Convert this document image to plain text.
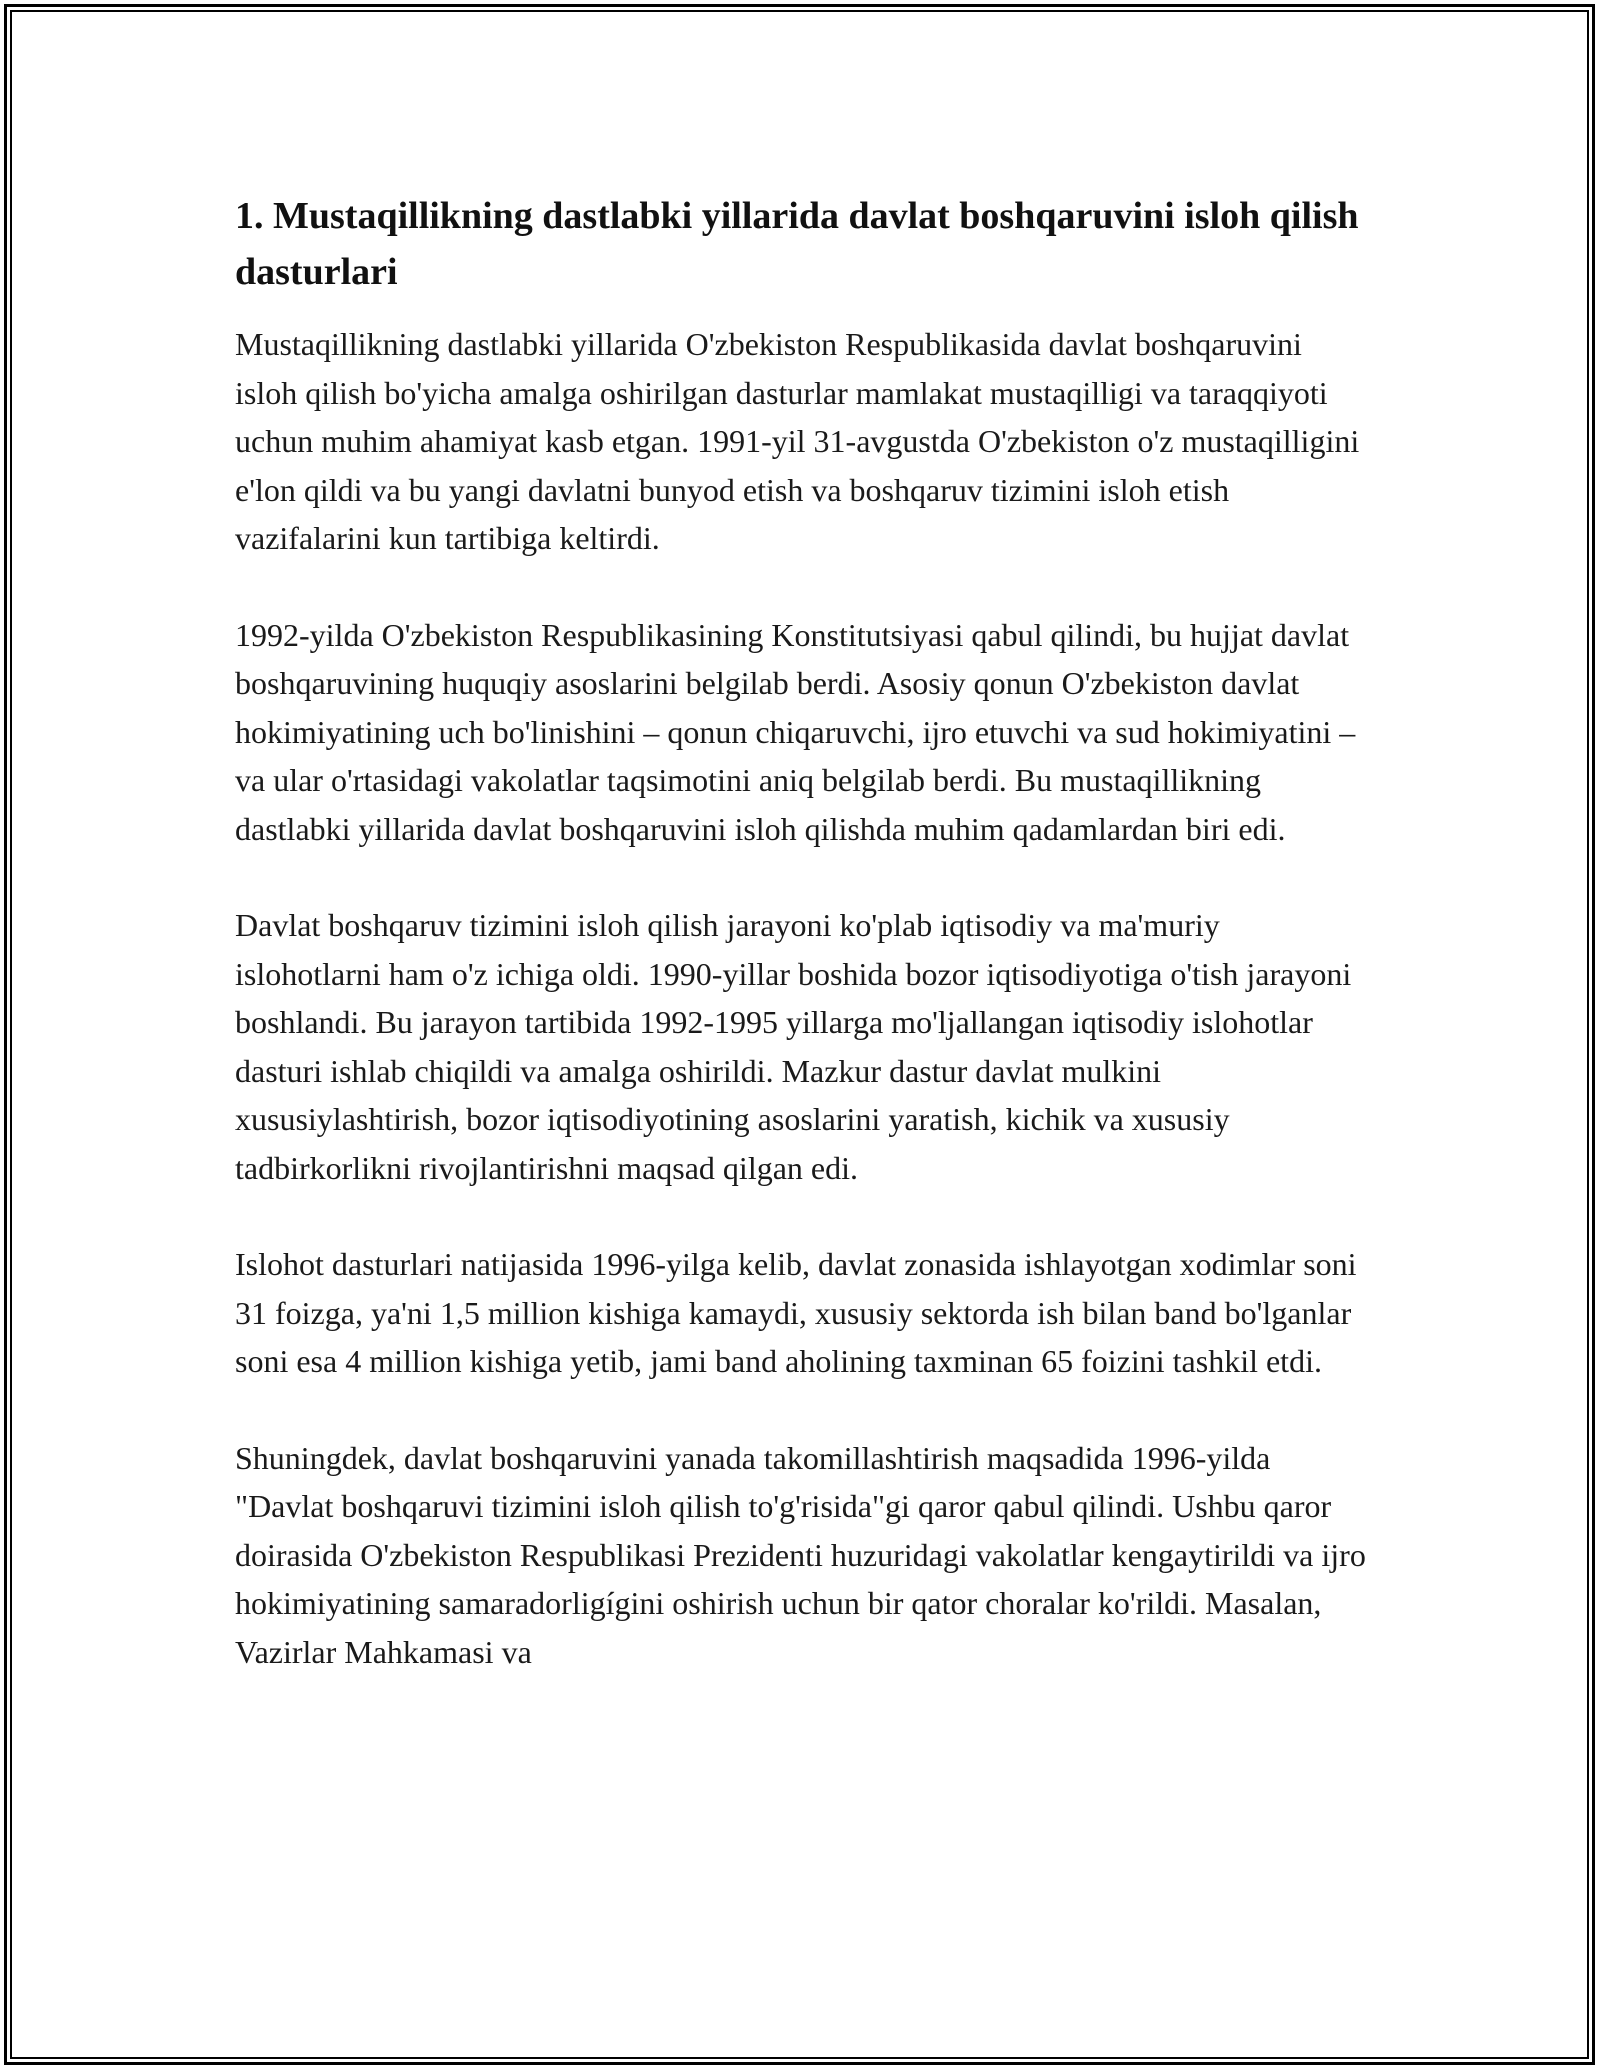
1. Mustaqillikning dastlabki yillarida davlat boshqaruvini isloh qilish dasturlari

Mustaqillikning dastlabki yillarida O'zbekiston Respublikasida davlat boshqaruvini isloh qilish bo'yicha amalga oshirilgan dasturlar mamlakat mustaqilligi va taraqqiyoti uchun muhim ahamiyat kasb etgan. 1991-yil 31-avgustda O'zbekiston o'z mustaqilligini e'lon qildi va bu yangi davlatni bunyod etish va boshqaruv tizimini isloh etish vazifalarini kun tartibiga keltirdi.

1992-yilda O'zbekiston Respublikasining Konstitutsiyasi qabul qilindi, bu hujjat davlat boshqaruvining huquqiy asoslarini belgilab berdi. Asosiy qonun O'zbekiston davlat hokimiyatining uch bo'linishini – qonun chiqaruvchi, ijro etuvchi va sud hokimiyatini – va ular o'rtasidagi vakolatlar taqsimotini aniq belgilab berdi. Bu mustaqillikning dastlabki yillarida davlat boshqaruvini isloh qilishda muhim qadamlardan biri edi.

Davlat boshqaruv tizimini isloh qilish jarayoni ko'plab iqtisodiy va ma'muriy islohotlarni ham o'z ichiga oldi. 1990-yillar boshida bozor iqtisodiyotiga o'tish jarayoni boshlandi. Bu jarayon tartibida 1992-1995 yillarga mo'ljallangan iqtisodiy islohotlar dasturi ishlab chiqildi va amalga oshirildi. Mazkur dastur davlat mulkini xususiylashtirish, bozor iqtisodiyotining asoslarini yaratish, kichik va xususiy tadbirkorlikni rivojlantirishni maqsad qilgan edi.

Islohot dasturlari natijasida 1996-yilga kelib, davlat zonasida ishlayotgan xodimlar soni 31 foizga, ya'ni 1,5 million kishiga kamaydi, xususiy sektorda ish bilan band bo'lganlar soni esa 4 million kishiga yetib, jami band aholining taxminan 65 foizini tashkil etdi.

Shuningdek, davlat boshqaruvini yanada takomillashtirish maqsadida 1996-yilda "Davlat boshqaruvi tizimini isloh qilish to'g'risida"gi qaror qabul qilindi. Ushbu qaror doirasida O'zbekiston Respublikasi Prezidenti huzuridagi vakolatlar kengaytirildi va ijro hokimiyatining samaradorligígini oshirish uchun bir qator choralar ko'rildi. Masalan, Vazirlar Mahkamasi va
